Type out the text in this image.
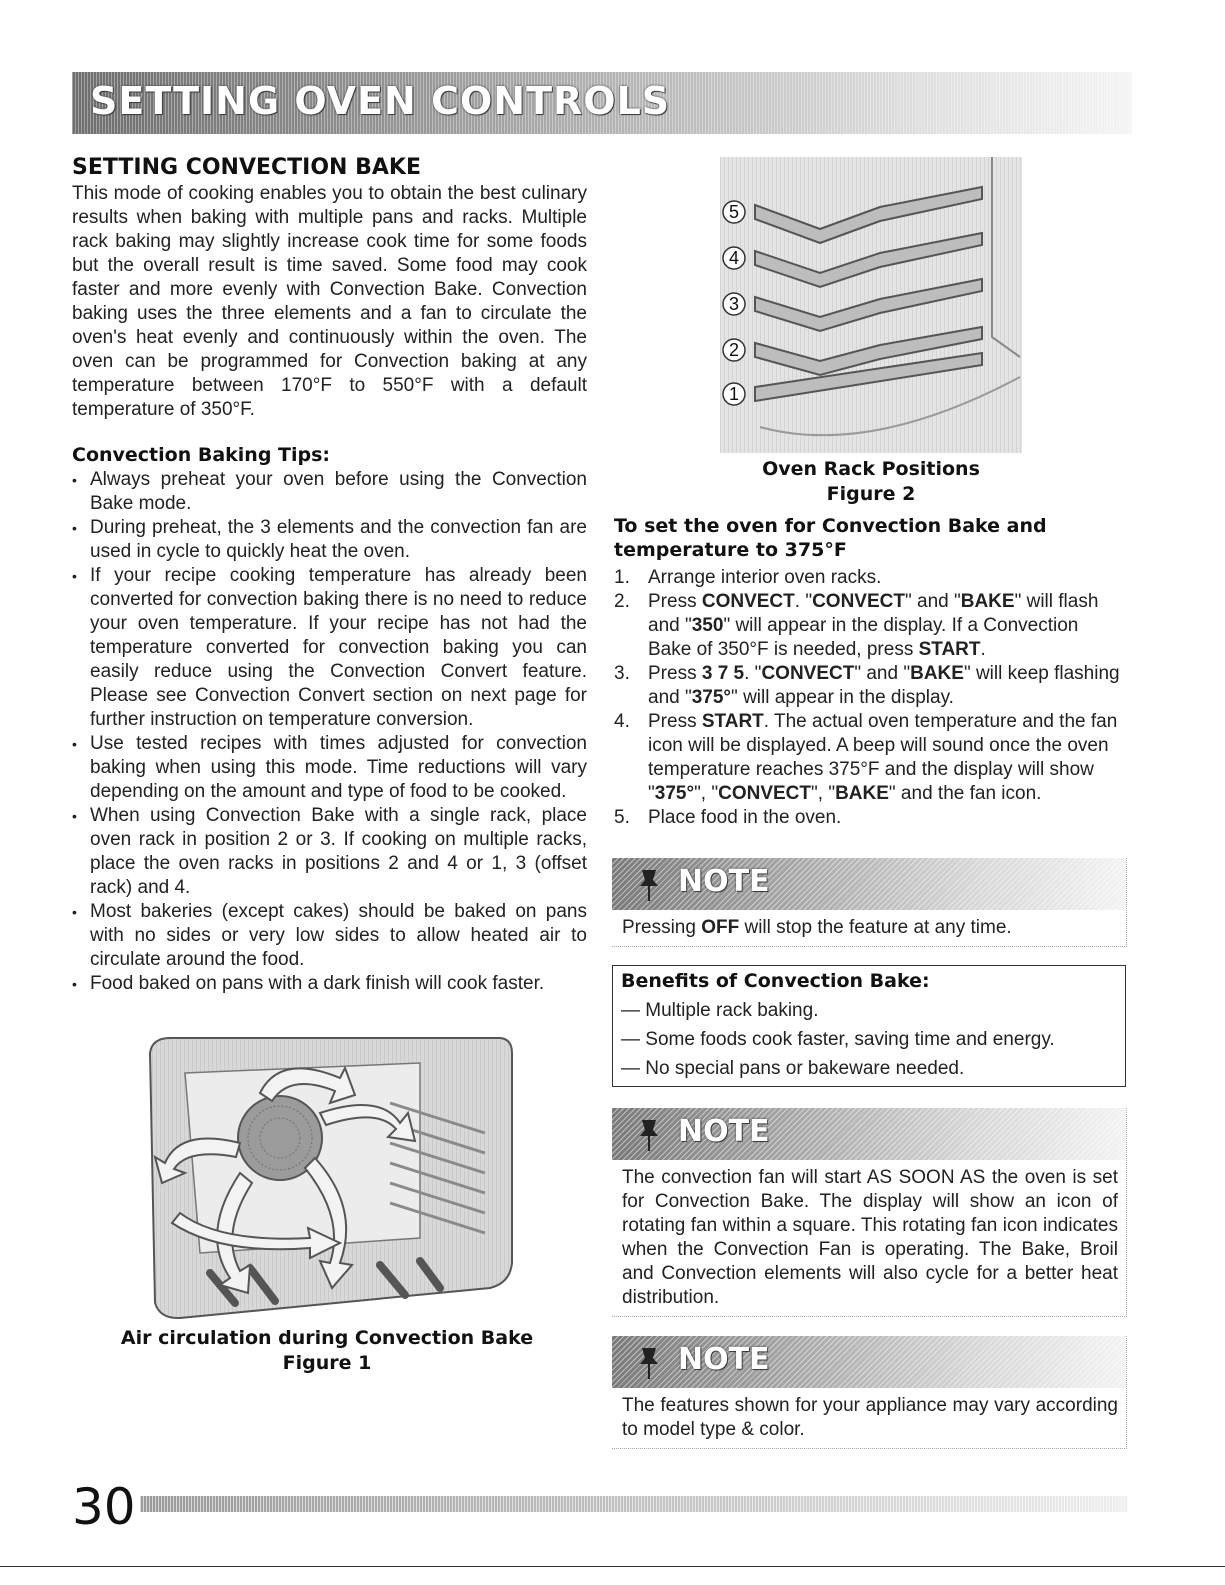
SETTING OVEN CONTROLS
SETTING CONVECTION BAKE

This mode of cooking enables you to obtain the best culinary results when baking with multiple pans and racks. Multiple rack baking may slightly increase cook time for some foods but the overall result is time saved. Some food may cook faster and more evenly with Convection Bake. Convection baking uses the three elements and a fan to circulate the oven's heat evenly and continuously within the oven. The oven can be programmed for Convection baking at any temperature between 170°F to 550°F with a default temperature of 350°F.

Convection Baking Tips:
• Always preheat your oven before using the Convection Bake mode.
• During preheat, the 3 elements and the convection fan are used in cycle to quickly heat the oven.
• If your recipe cooking temperature has already been converted for convection baking there is no need to reduce your oven temperature. If your recipe has not had the temperature converted for convection baking you can easily reduce using the Convection Convert feature. Please see Convection Convert section on next page for further instruction on temperature conversion.
• Use tested recipes with times adjusted for convection baking when using this mode. Time reductions will vary depending on the amount and type of food to be cooked.
• When using Convection Bake with a single rack, place oven rack in position 2 or 3. If cooking on multiple racks, place the oven racks in positions 2 and 4 or 1, 3 (offset rack) and 4.
• Most bakeries (except cakes) should be baked on pans with no sides or very low sides to allow heated air to circulate around the food.
• Food baked on pans with a dark finish will cook faster.
Air circulation during Convection Bake
Figure 1
5
4
3
2
1
Oven Rack Positions
Figure 2
To set the oven for Convection Bake and temperature to 375°F
1. Arrange interior oven racks.
2. Press CONVECT. "CONVECT" and "BAKE" will flash and "350" will appear in the display. If a Convection Bake of 350°F is needed, press START.
3. Press 3 7 5. "CONVECT" and "BAKE" will keep flashing and "375°" will appear in the display.
4. Press START. The actual oven temperature and the fan icon will be displayed. A beep will sound once the oven temperature reaches 375°F and the display will show "375°", "CONVECT", "BAKE" and the fan icon.
5. Place food in the oven.
NOTE
Pressing OFF will stop the feature at any time.
Benefits of Convection Bake:
— Multiple rack baking.
— Some foods cook faster, saving time and energy.
— No special pans or bakeware needed.
NOTE
The convection fan will start AS SOON AS the oven is set for Convection Bake. The display will show an icon of rotating fan within a square. This rotating fan icon indicates when the Convection Fan is operating. The Bake, Broil and Convection elements will also cycle for a better heat distribution.
NOTE
The features shown for your appliance may vary according to model type & color.
30
